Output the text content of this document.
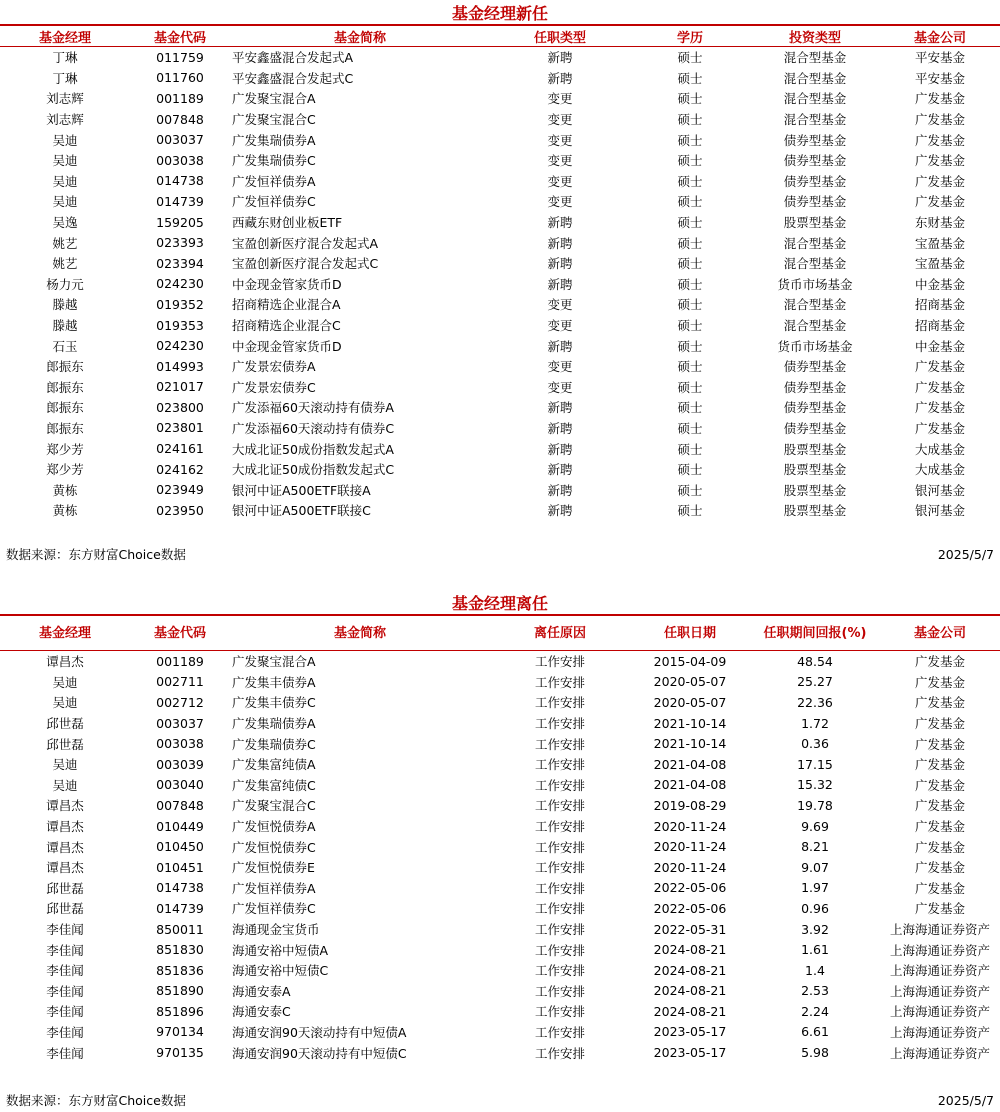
基金经理新任
基金经理	基金代码	基金简称	任职类型	学历	投资类型	基金公司
丁琳	011759	平安鑫盛混合发起式A	新聘	硕士	混合型基金	平安基金
丁琳	011760	平安鑫盛混合发起式C	新聘	硕士	混合型基金	平安基金
刘志辉	001189	广发聚宝混合A	变更	硕士	混合型基金	广发基金
刘志辉	007848	广发聚宝混合C	变更	硕士	混合型基金	广发基金
吴迪	003037	广发集瑞债券A	变更	硕士	债券型基金	广发基金
吴迪	003038	广发集瑞债券C	变更	硕士	债券型基金	广发基金
吴迪	014738	广发恒祥债券A	变更	硕士	债券型基金	广发基金
吴迪	014739	广发恒祥债券C	变更	硕士	债券型基金	广发基金
吴逸	159205	西藏东财创业板ETF	新聘	硕士	股票型基金	东财基金
姚艺	023393	宝盈创新医疗混合发起式A	新聘	硕士	混合型基金	宝盈基金
姚艺	023394	宝盈创新医疗混合发起式C	新聘	硕士	混合型基金	宝盈基金
杨力元	024230	中金现金管家货币D	新聘	硕士	货币市场基金	中金基金
滕越	019352	招商精选企业混合A	变更	硕士	混合型基金	招商基金
滕越	019353	招商精选企业混合C	变更	硕士	混合型基金	招商基金
石玉	024230	中金现金管家货币D	新聘	硕士	货币市场基金	中金基金
郎振东	014993	广发景宏债券A	变更	硕士	债券型基金	广发基金
郎振东	021017	广发景宏债券C	变更	硕士	债券型基金	广发基金
郎振东	023800	广发添福60天滚动持有债券A	新聘	硕士	债券型基金	广发基金
郎振东	023801	广发添福60天滚动持有债券C	新聘	硕士	债券型基金	广发基金
郑少芳	024161	大成北证50成份指数发起式A	新聘	硕士	股票型基金	大成基金
郑少芳	024162	大成北证50成份指数发起式C	新聘	硕士	股票型基金	大成基金
黄栋	023949	银河中证A500ETF联接A	新聘	硕士	股票型基金	银河基金
黄栋	023950	银河中证A500ETF联接C	新聘	硕士	股票型基金	银河基金
数据来源：东方财富Choice数据	2025/5/7
基金经理离任
基金经理	基金代码	基金简称	离任原因	任职日期	任职期间回报(%)	基金公司
谭昌杰	001189	广发聚宝混合A	工作安排	2015-04-09	48.54	广发基金
吴迪	002711	广发集丰债券A	工作安排	2020-05-07	25.27	广发基金
吴迪	002712	广发集丰债券C	工作安排	2020-05-07	22.36	广发基金
邱世磊	003037	广发集瑞债券A	工作安排	2021-10-14	1.72	广发基金
邱世磊	003038	广发集瑞债券C	工作安排	2021-10-14	0.36	广发基金
吴迪	003039	广发集富纯债A	工作安排	2021-04-08	17.15	广发基金
吴迪	003040	广发集富纯债C	工作安排	2021-04-08	15.32	广发基金
谭昌杰	007848	广发聚宝混合C	工作安排	2019-08-29	19.78	广发基金
谭昌杰	010449	广发恒悦债券A	工作安排	2020-11-24	9.69	广发基金
谭昌杰	010450	广发恒悦债券C	工作安排	2020-11-24	8.21	广发基金
谭昌杰	010451	广发恒悦债券E	工作安排	2020-11-24	9.07	广发基金
邱世磊	014738	广发恒祥债券A	工作安排	2022-05-06	1.97	广发基金
邱世磊	014739	广发恒祥债券C	工作安排	2022-05-06	0.96	广发基金
李佳闻	850011	海通现金宝货币	工作安排	2022-05-31	3.92	上海海通证券资产
李佳闻	851830	海通安裕中短债A	工作安排	2024-08-21	1.61	上海海通证券资产
李佳闻	851836	海通安裕中短债C	工作安排	2024-08-21	1.4	上海海通证券资产
李佳闻	851890	海通安泰A	工作安排	2024-08-21	2.53	上海海通证券资产
李佳闻	851896	海通安泰C	工作安排	2024-08-21	2.24	上海海通证券资产
李佳闻	970134	海通安润90天滚动持有中短债A	工作安排	2023-05-17	6.61	上海海通证券资产
李佳闻	970135	海通安润90天滚动持有中短债C	工作安排	2023-05-17	5.98	上海海通证券资产
数据来源：东方财富Choice数据	2025/5/7
